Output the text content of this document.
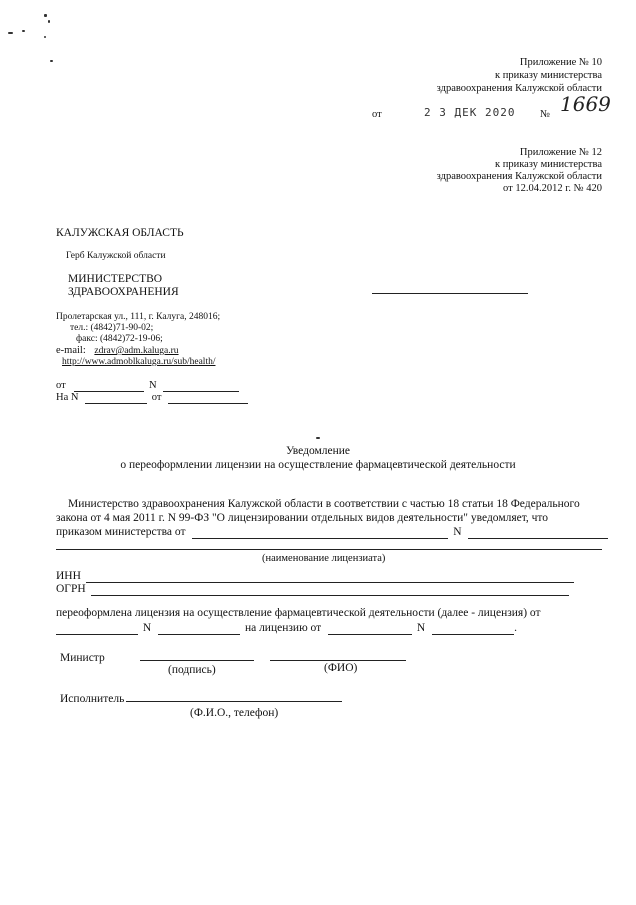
Приложение № 10
к приказу министерства
здравоохранения Калужской области
от	2 3 ДЕК 2020 № 1669
Приложение № 12
к приказу министерства
здравоохранения Калужской области
от 12.04.2012 г. № 420
КАЛУЖСКАЯ ОБЛАСТЬ
Герб Калужской области
МИНИСТЕРСТВО
ЗДРАВООХРАНЕНИЯ
Пролетарская ул., 111, г. Калуга, 248016;
тел.: (4842)71-90-02;
факс: (4842)72-19-06;
e-mail: zdrav@adm.kaluga.ru
http://www.admoblkaluga.ru/sub/health/
от	N
На N	от
Уведомление
о переоформлении лицензии на осуществление фармацевтической деятельности
Министерство здравоохранения Калужской области в соответствии с частью 18 статьи 18 Федерального
закона от 4 мая 2011 г. N 99-ФЗ "О лицензировании отдельных видов деятельности" уведомляет, что
приказом министерства от	N
(наименование лицензиата)
ИНН
ОГРН
переоформлена лицензия на осуществление фармацевтической деятельности (далее - лицензия) от
N	на лицензию от	N	.
Министр
(подпись)	(ФИО)
Исполнитель
(Ф.И.О., телефон)
